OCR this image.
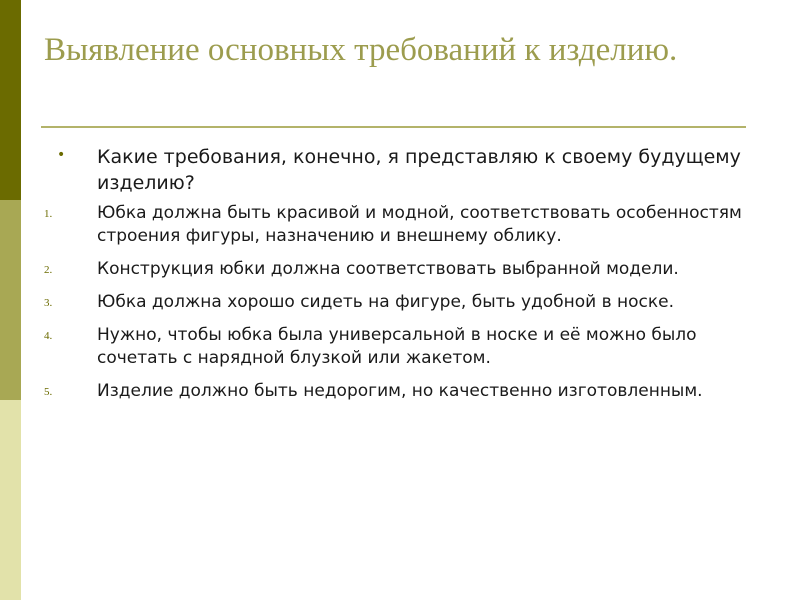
Выявление основных требований к изделию.
•	Какие требования, конечно, я представляю к своему будущему изделию?

1.	Юбка должна быть красивой и модной, соответствовать особенностям строения фигуры, назначению и внешнему облику.

2.	Конструкция юбки должна соответствовать выбранной модели.

3.	Юбка должна хорошо сидеть на фигуре, быть удобной в носке.

4.	Нужно, чтобы юбка была универсальной в носке и её можно было сочетать с нарядной блузкой или жакетом.

5.	Изделие должно быть недорогим, но качественно изготовленным.
